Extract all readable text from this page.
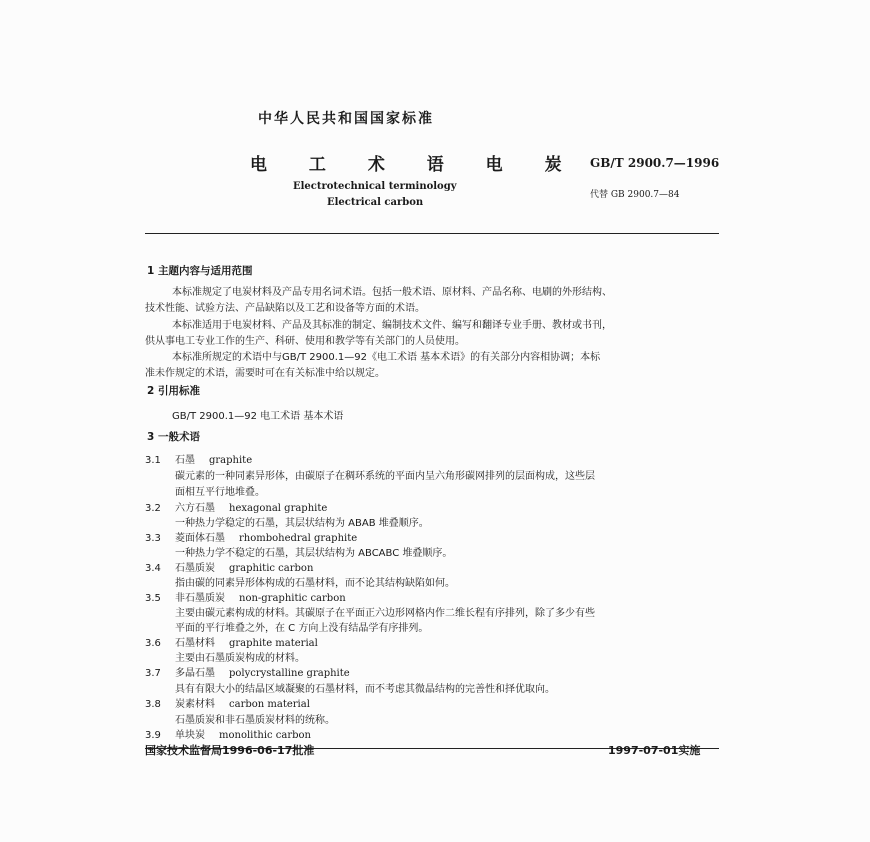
中华人民共和国国家标准
电 工 术 语 电 炭 GB/T 2900.7—1996
Electrotechnical terminology
Electrical carbon
代替 GB 2900.7—84
1 主题内容与适用范围
本标准规定了电炭材料及产品专用名词术语。包括一般术语、原材料、产品名称、电刷的外形结构、
技术性能、试验方法、产品缺陷以及工艺和设备等方面的术语。
本标准适用于电炭材料、产品及其标准的制定、编制技术文件、编写和翻译专业手册、教材或书刊，
供从事电工专业工作的生产、科研、使用和教学等有关部门的人员使用。
本标准所规定的术语中与GB/T 2900.1—92《电工术语 基本术语》的有关部分内容相协调；本标
准未作规定的术语，需要时可在有关标准中给以规定。
2 引用标准
GB/T 2900.1—92 电工术语 基本术语
3 一般术语
3.1 石墨 graphite
碳元素的一种同素异形体，由碳原子在稠环系统的平面内呈六角形碳网排列的层面构成，这些层
面相互平行地堆叠。
3.2 六方石墨 hexagonal graphite
一种热力学稳定的石墨，其层状结构为 ABAB 堆叠顺序。
3.3 菱面体石墨 rhombohedral graphite
一种热力学不稳定的石墨，其层状结构为 ABCABC 堆叠顺序。
3.4 石墨质炭 graphitic carbon
指由碳的同素异形体构成的石墨材料，而不论其结构缺陷如何。
3.5 非石墨质炭 non-graphitic carbon
主要由碳元素构成的材料。其碳原子在平面正六边形网格内作二维长程有序排列，除了多少有些
平面的平行堆叠之外，在 C 方向上没有结晶学有序排列。
3.6 石墨材料 graphite material
主要由石墨质炭构成的材料。
3.7 多晶石墨 polycrystalline graphite
具有有限大小的结晶区域凝聚的石墨材料，而不考虑其微晶结构的完善性和择优取向。
3.8 炭素材料 carbon material
石墨质炭和非石墨质炭材料的统称。
3.9 单块炭 monolithic carbon
国家技术监督局1996-06-17批准	1997-07-01实施
